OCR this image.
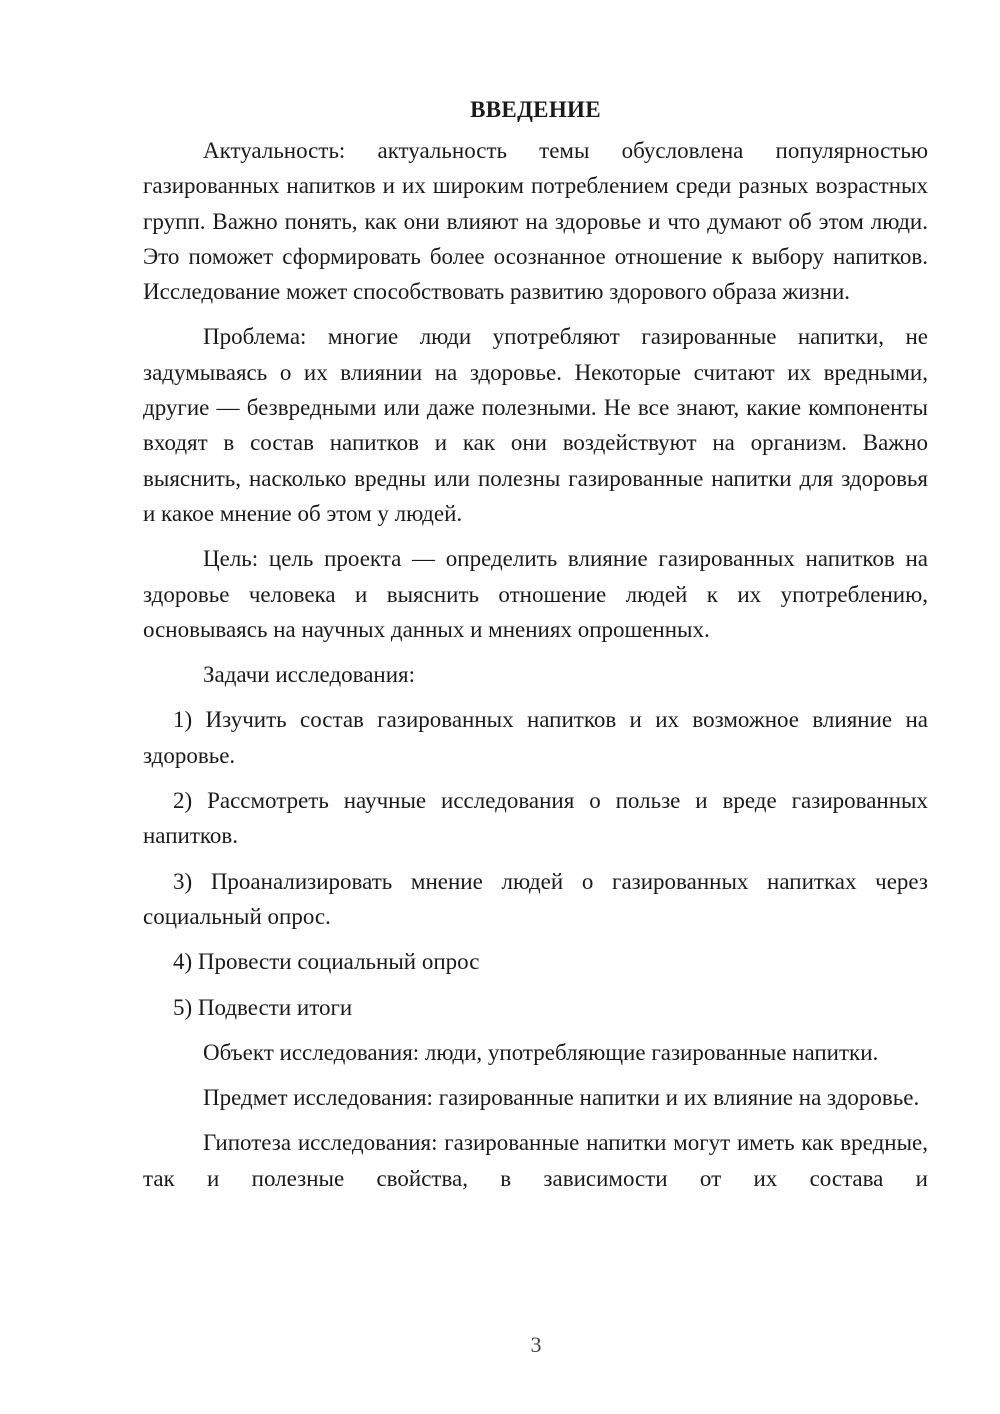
ВВЕДЕНИЕ

Актуальность: актуальность темы обусловлена популярностью газированных напитков и их широким потреблением среди разных возрастных групп. Важно понять, как они влияют на здоровье и что думают об этом люди. Это поможет сформировать более осознанное отношение к выбору напитков. Исследование может способствовать развитию здорового образа жизни.

Проблема: многие люди употребляют газированные напитки, не задумываясь о их влиянии на здоровье. Некоторые считают их вредными, другие — безвредными или даже полезными. Не все знают, какие компоненты входят в состав напитков и как они воздействуют на организм. Важно выяснить, насколько вредны или полезны газированные напитки для здоровья и какое мнение об этом у людей.

Цель: цель проекта — определить влияние газированных напитков на здоровье человека и выяснить отношение людей к их употреблению, основываясь на научных данных и мнениях опрошенных.

Задачи исследования:

1) Изучить состав газированных напитков и их возможное влияние на здоровье.

2) Рассмотреть научные исследования о пользе и вреде газированных напитков.

3) Проанализировать мнение людей о газированных напитках через социальный опрос.

4) Провести социальный опрос

5) Подвести итоги

Объект исследования: люди, употребляющие газированные напитки.

Предмет исследования: газированные напитки и их влияние на здоровье.

Гипотеза исследования: газированные напитки могут иметь как вредные, так и полезные свойства, в зависимости от их состава и

3
